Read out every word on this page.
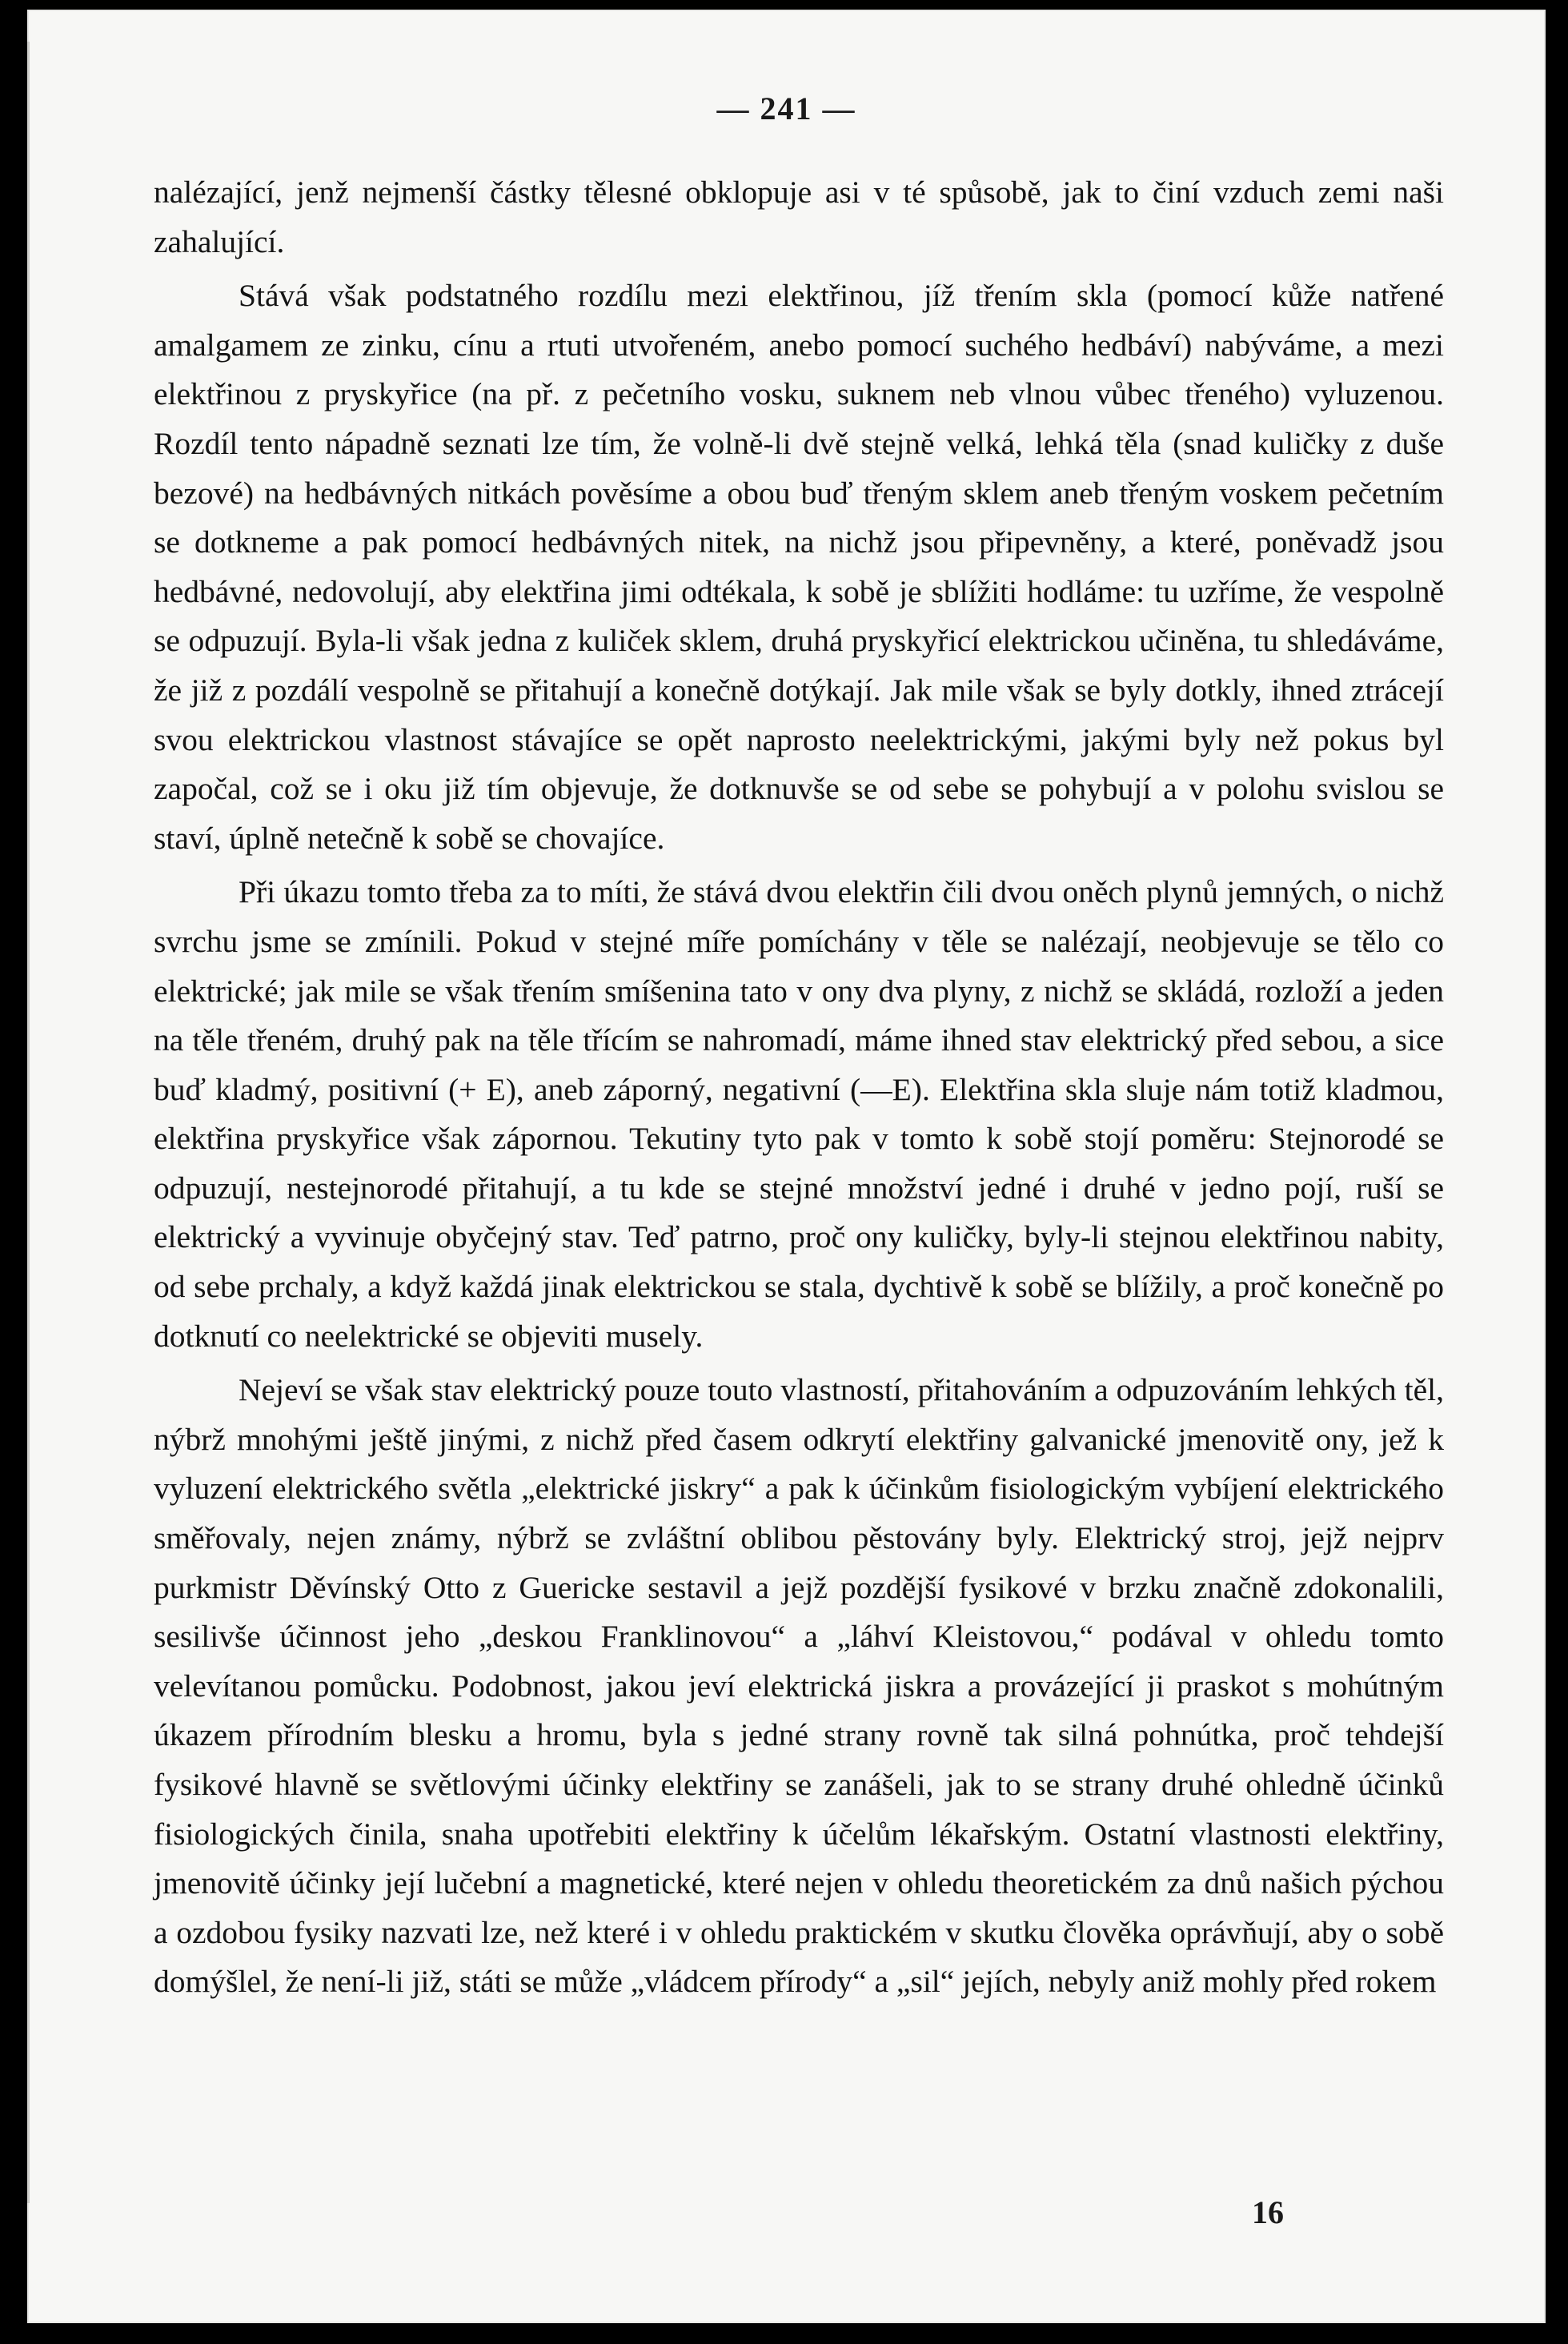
— 241 —

nalézající, jenž nejmenší částky tělesné obklopuje asi v té spůsobě, jak to činí vzduch zemi naši zahalující.

Stává však podstatného rozdílu mezi elektřinou, jíž třením skla (pomocí kůže natřené amalgamem ze zinku, cínu a rtuti utvořeném, anebo pomocí suchého hedbáví) nabýváme, a mezi elektřinou z pryskyřice (na př. z pečetního vosku, suknem neb vlnou vůbec třeného) vyluzenou. Rozdíl tento nápadně seznati lze tím, že volně-li dvě stejně velká, lehká těla (snad kuličky z duše bezové) na hedbávných nitkách pověsíme a obou buď třeným sklem aneb třeným voskem pečetním se dotkneme a pak pomocí hedbávných nitek, na nichž jsou připevněny, a které, poněvadž jsou hedbávné, nedovolují, aby elektřina jimi odtékala, k sobě je sblížiti hodláme: tu uzříme, že vespolně se odpuzují. Byla-li však jedna z kuliček sklem, druhá pryskyřicí elektrickou učiněna, tu shledáváme, že již z pozdálí vespolně se přitahují a konečně dotýkají. Jak mile však se byly dotkly, ihned ztrácejí svou elektrickou vlastnost stávajíce se opět naprosto neelektrickými, jakými byly než pokus byl započal, což se i oku již tím objevuje, že dotknuvše se od sebe se pohybují a v polohu svislou se staví, úplně netečně k sobě se chovajíce.

Při úkazu tomto třeba za to míti, že stává dvou elektřin čili dvou oněch plynů jemných, o nichž svrchu jsme se zmínili. Pokud v stejné míře pomíchány v těle se nalézají, neobjevuje se tělo co elektrické; jak mile se však třením smíšenina tato v ony dva plyny, z nichž se skládá, rozloží a jeden na těle třeném, druhý pak na těle třícím se nahromadí, máme ihned stav elektrický před sebou, a sice buď kladmý, positivní (+ E), aneb záporný, negativní (—E). Elektřina skla sluje nám totiž kladmou, elektřina pryskyřice však zápornou. Tekutiny tyto pak v tomto k sobě stojí poměru: Stejnorodé se odpuzují, nestejnorodé přitahují, a tu kde se stejné množství jedné i druhé v jedno pojí, ruší se elektrický a vyvinuje obyčejný stav. Teď patrno, proč ony kuličky, byly-li stejnou elektřinou nabity, od sebe prchaly, a když každá jinak elektrickou se stala, dychtivě k sobě se blížily, a proč konečně po dotknutí co neelektrické se objeviti musely.

Nejeví se však stav elektrický pouze touto vlastností, přitahováním a odpuzováním lehkých těl, nýbrž mnohými ještě jinými, z nichž před časem odkrytí elektřiny galvanické jmenovitě ony, jež k vyluzení elektrického světla „elektrické jiskry“ a pak k účinkům fisiologickým vybíjení elektrického směřovaly, nejen známy, nýbrž se zvláštní oblibou pěstovány byly. Elektrický stroj, jejž nejprv purkmistr Děvínský Otto z Guericke sestavil a jejž pozdější fysikové v brzku značně zdokonalili, sesilivše účinnost jeho „deskou Franklinovou“ a „láhví Kleistovou,“ podával v ohledu tomto velevítanou pomůcku. Podobnost, jakou jeví elektrická jiskra a provázející ji praskot s mohútným úkazem přírodním blesku a hromu, byla s jedné strany rovně tak silná pohnútka, proč tehdejší fysikové hlavně se světlovými účinky elektřiny se zanášeli, jak to se strany druhé ohledně účinků fisiologických činila, snaha upotřebiti elektřiny k účelům lékařským. Ostatní vlastnosti elektřiny, jmenovitě účinky její lučební a magnetické, které nejen v ohledu theoretickém za dnů našich pýchou a ozdobou fysiky nazvati lze, než které i v ohledu praktickém v skutku člověka oprávňují, aby o sobě domýšlel, že není-li již, státi se může „vládcem přírody“ a „sil“ jejích, nebyly aniž mohly před rokem

16
